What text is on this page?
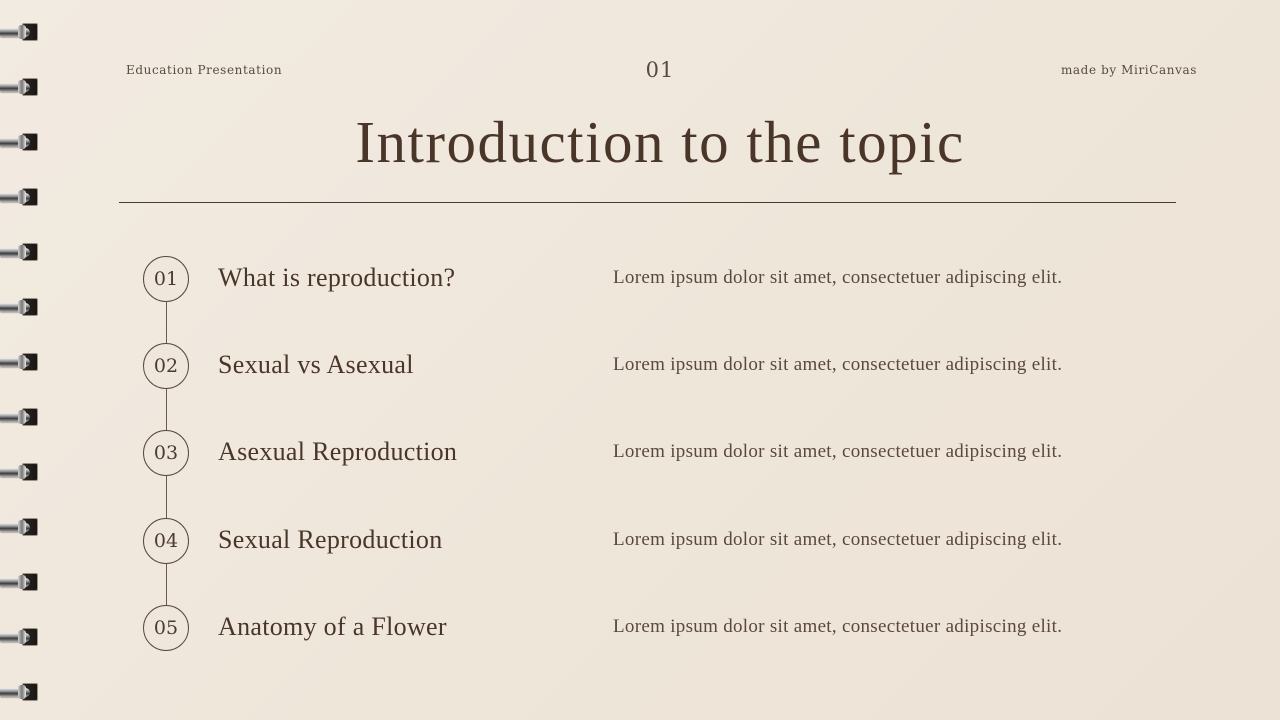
Education Presentation	01	made by MiriCanvas
Introduction to the topic
01	What is reproduction?	Lorem ipsum dolor sit amet, consectetuer adipiscing elit.
02	Sexual vs Asexual	Lorem ipsum dolor sit amet, consectetuer adipiscing elit.
03	Asexual Reproduction	Lorem ipsum dolor sit amet, consectetuer adipiscing elit.
04	Sexual Reproduction	Lorem ipsum dolor sit amet, consectetuer adipiscing elit.
05	Anatomy of a Flower	Lorem ipsum dolor sit amet, consectetuer adipiscing elit.
